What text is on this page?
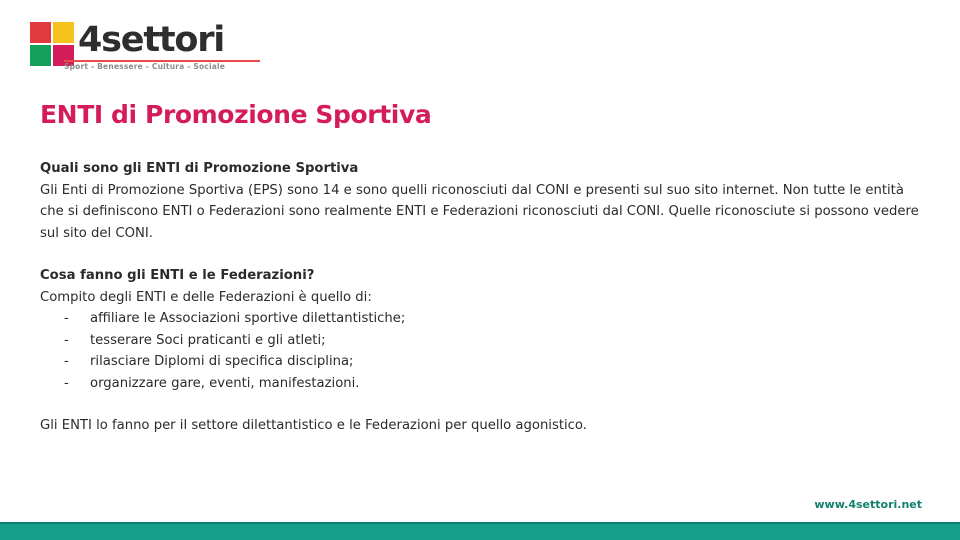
4settori
Sport - Benessere - Cultura - Sociale
ENTI di Promozione Sportiva

Quali sono gli ENTI di Promozione Sportiva

Gli Enti di Promozione Sportiva (EPS) sono 14 e sono quelli riconosciuti dal CONI e presenti sul suo sito internet. Non tutte le entità che si definiscono ENTI o Federazioni sono realmente ENTI e Federazioni riconosciuti dal CONI. Quelle riconosciute si possono vedere sul sito del CONI.

Cosa fanno gli ENTI e le Federazioni?

Compito degli ENTI e delle Federazioni è quello di:

-	affiliare le Associazioni sportive dilettantistiche;
-	tesserare Soci praticanti e gli atleti;
-	rilasciare Diplomi di specifica disciplina;
-	organizzare gare, eventi, manifestazioni.

Gli ENTI lo fanno per il settore dilettantistico e le Federazioni per quello agonistico.

www.4settori.net
